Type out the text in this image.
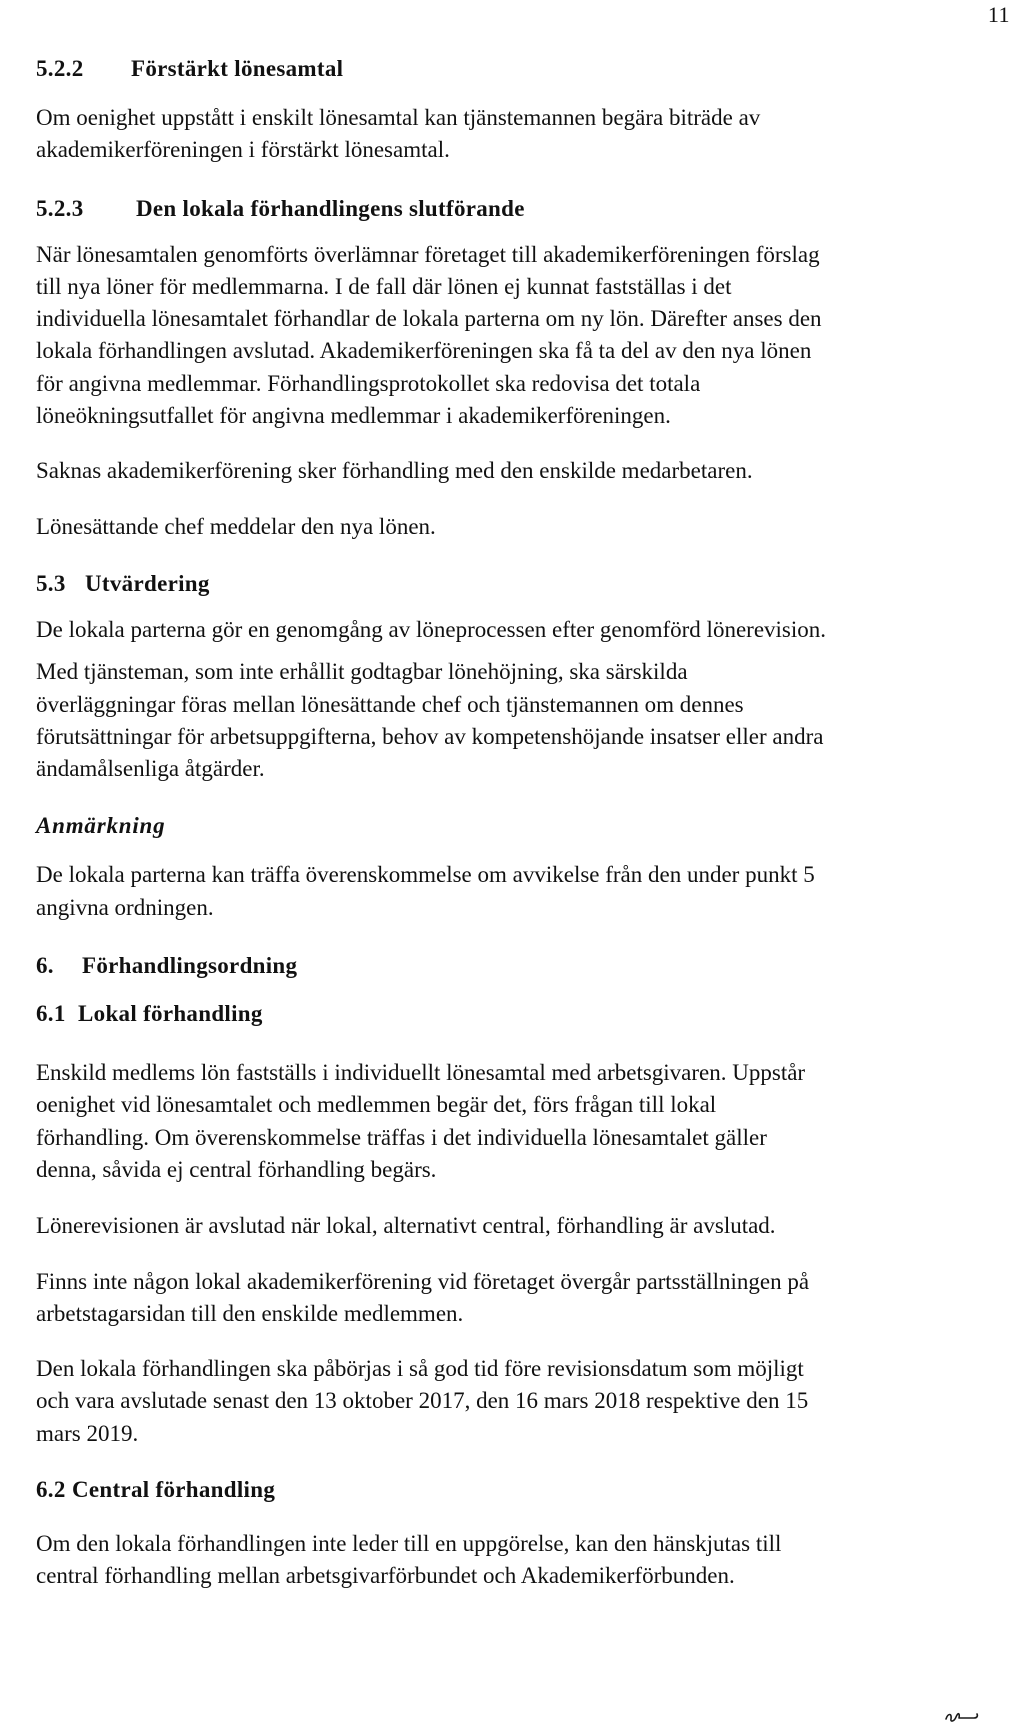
11
5.2.2 Förstärkt lönesamtal

Om oenighet uppstått i enskilt lönesamtal kan tjänstemannen begära biträde av
akademikerföreningen i förstärkt lönesamtal.

5.2.3 Den lokala förhandlingens slutförande

När lönesamtalen genomförts överlämnar företaget till akademikerföreningen förslag
till nya löner för medlemmarna. I de fall där lönen ej kunnat fastställas i det
individuella lönesamtalet förhandlar de lokala parterna om ny lön. Därefter anses den
lokala förhandlingen avslutad. Akademikerföreningen ska få ta del av den nya lönen
för angivna medlemmar. Förhandlingsprotokollet ska redovisa det totala
löneökningsutfallet för angivna medlemmar i akademikerföreningen.

Saknas akademikerförening sker förhandling med den enskilde medarbetaren.

Lönesättande chef meddelar den nya lönen.

5.3 Utvärdering

De lokala parterna gör en genomgång av löneprocessen efter genomförd lönerevision.

Med tjänsteman, som inte erhållit godtagbar lönehöjning, ska särskilda
överläggningar föras mellan lönesättande chef och tjänstemannen om dennes
förutsättningar för arbetsuppgifterna, behov av kompetenshöjande insatser eller andra
ändamålsenliga åtgärder.

Anmärkning

De lokala parterna kan träffa överenskommelse om avvikelse från den under punkt 5
angivna ordningen.

6. Förhandlingsordning
6.1 Lokal förhandling

Enskild medlems lön fastställs i individuellt lönesamtal med arbetsgivaren. Uppstår
oenighet vid lönesamtalet och medlemmen begär det, förs frågan till lokal
förhandling. Om överenskommelse träffas i det individuella lönesamtalet gäller
denna, såvida ej central förhandling begärs.

Lönerevisionen är avslutad när lokal, alternativt central, förhandling är avslutad.

Finns inte någon lokal akademikerförening vid företaget övergår partsställningen på
arbetstagarsidan till den enskilde medlemmen.

Den lokala förhandlingen ska påbörjas i så god tid före revisionsdatum som möjligt
och vara avslutade senast den 13 oktober 2017, den 16 mars 2018 respektive den 15
mars 2019.

6.2 Central förhandling

Om den lokala förhandlingen inte leder till en uppgörelse, kan den hänskjutas till
central förhandling mellan arbetsgivarförbundet och Akademikerförbunden.
